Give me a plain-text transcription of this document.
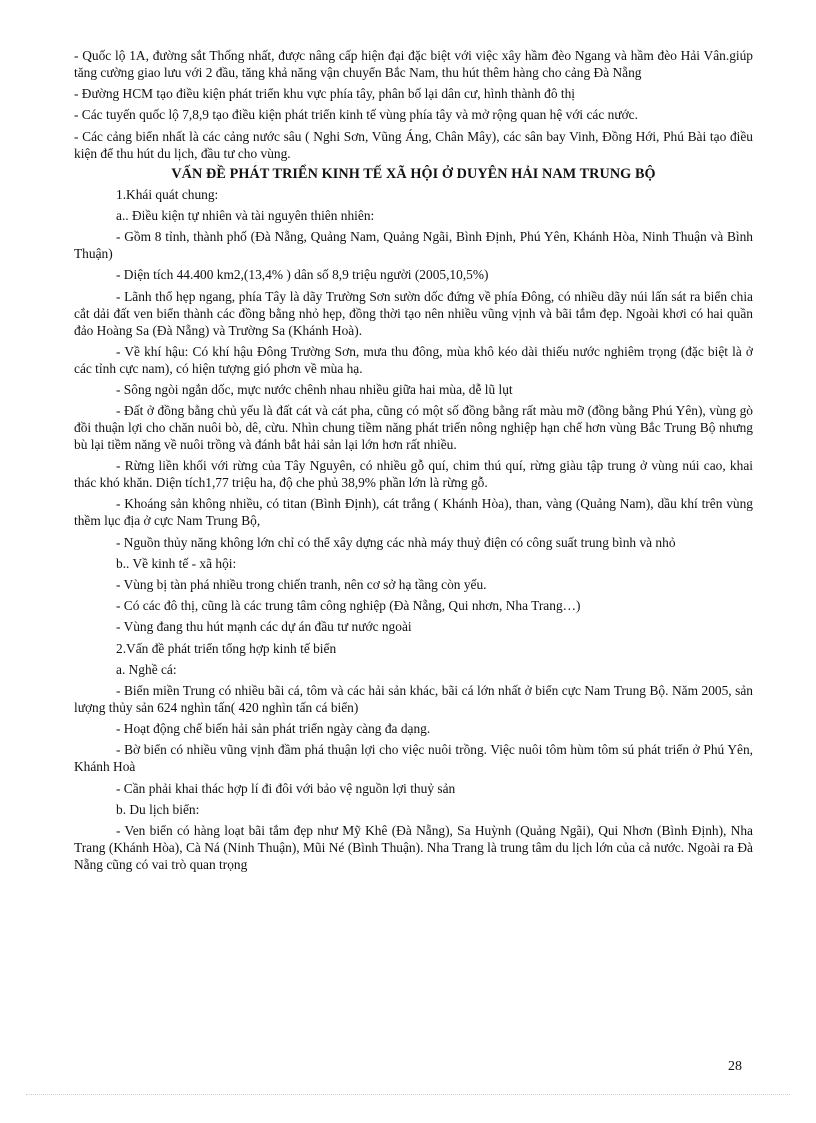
- Quốc lộ 1A, đường sắt Thống nhất, được nâng cấp hiện đại đặc biệt với việc xây hầm đèo Ngang và hầm đèo Hải Vân.giúp tăng cường giao lưu với 2 đầu, tăng khả năng vận chuyển Bắc Nam, thu hút thêm hàng cho cảng Đà Nẵng

- Đường HCM tạo điều kiện phát triển khu vực phía tây, phân bố lại dân cư, hình thành đô thị

- Các tuyến quốc lộ 7,8,9 tạo điều kiện phát triển kinh tế vùng phía tây và mở rộng quan hệ với các nước.

- Các cảng biển nhất là các cảng nước sâu ( Nghi Sơn, Vũng Áng, Chân Mây), các sân bay Vinh, Đồng Hới, Phú Bài tạo điều kiện để thu hút du lịch, đầu tư cho vùng.

VẤN ĐỀ PHÁT TRIỂN KINH TẾ XÃ HỘI Ở DUYÊN HẢI NAM TRUNG BỘ

1.Khái quát chung:

a.. Điều kiện tự nhiên và tài nguyên thiên nhiên:

- Gồm 8 tỉnh, thành phố (Đà Nẵng, Quảng Nam, Quảng Ngãi, Bình Định, Phú Yên, Khánh Hòa, Ninh Thuận và Bình Thuận)

- Diện tích 44.400 km2,(13,4% ) dân số 8,9 triệu người (2005,10,5%)

- Lãnh thổ hẹp ngang, phía Tây là dãy Trường Sơn sườn dốc đứng về phía Đông, có nhiều dãy núi lấn sát ra biển chia cắt dải đất ven biển thành các đồng bằng nhỏ hẹp, đồng thời tạo nên nhiều vũng vịnh và bãi tắm đẹp. Ngoài khơi có hai quần đảo Hoàng Sa (Đà Nẵng) và Trường Sa (Khánh Hoà).

- Về khí hậu: Có khí hậu Đông Trường Sơn, mưa thu đông, mùa khô kéo dài thiếu nước nghiêm trọng (đặc biệt là ở các tỉnh cực nam), có hiện tượng gió phơn về mùa hạ.

- Sông ngòi ngắn dốc, mực nước chênh nhau nhiều giữa hai mùa, dễ lũ lụt

- Đất ở đồng bằng chủ yếu là đất cát và cát pha, cũng có một số đồng bằng rất màu mỡ (đồng bằng Phú Yên), vùng gò đồi thuận lợi cho chăn nuôi bò, dê, cừu. Nhìn chung tiềm năng phát triển nông nghiệp hạn chế hơn vùng Bắc Trung Bộ nhưng bù lại tiềm năng về nuôi trồng và đánh bắt hải sản lại lớn hơn rất nhiều.

- Rừng liền khối với rừng của Tây Nguyên, có nhiều gỗ quí, chim thú quí, rừng giàu tập trung ở vùng núi cao, khai thác khó khăn. Diện tích1,77 triệu ha, độ che phủ 38,9% phần lớn là rừng gỗ.

- Khoáng sản không nhiều, có titan (Bình Định), cát trắng ( Khánh Hòa), than, vàng (Quảng Nam), dầu khí trên vùng thềm lục địa ở cực Nam Trung Bộ,

- Nguồn thủy năng không lớn chỉ có thể xây dựng các nhà máy thuỷ điện có công suất trung bình và nhỏ

b.. Về kinh tế - xã hội:

- Vùng bị tàn phá nhiều trong chiến tranh, nên cơ sở hạ tầng còn yếu.

- Có các đô thị, cũng là các trung tâm công nghiệp (Đà Nẵng, Qui nhơn, Nha Trang…)

- Vùng đang thu hút mạnh các dự án đầu tư nước ngoài

2.Vấn đề phát triển tổng hợp kinh tế biển

a. Nghề cá:

- Biển miền Trung có nhiều bãi cá, tôm và các hải sản khác, bãi cá lớn nhất ở biển cực Nam Trung Bộ. Năm 2005, sản lượng thủy sản 624 nghìn tấn( 420 nghìn tấn cá biển)

- Hoạt động chế biến hải sản phát triển ngày càng đa dạng.

- Bờ biển có nhiều vũng vịnh đầm phá thuận lợi cho việc nuôi trồng. Việc nuôi tôm hùm tôm sú phát triển ở Phú Yên, Khánh Hoà

- Cần phải khai thác hợp lí đi đôi với bảo vệ nguồn lợi thuỷ sản

b. Du lịch biển:

- Ven biển có hàng loạt bãi tắm đẹp như Mỹ Khê (Đà Nẵng), Sa Huỳnh (Quảng Ngãi), Qui Nhơn (Bình Định), Nha Trang (Khánh Hòa), Cà Ná (Ninh Thuận), Mũi Né (Bình Thuận). Nha Trang là trung tâm du lịch lớn của cả nước. Ngoài ra Đà Nẵng cũng có vai trò quan trọng

28
